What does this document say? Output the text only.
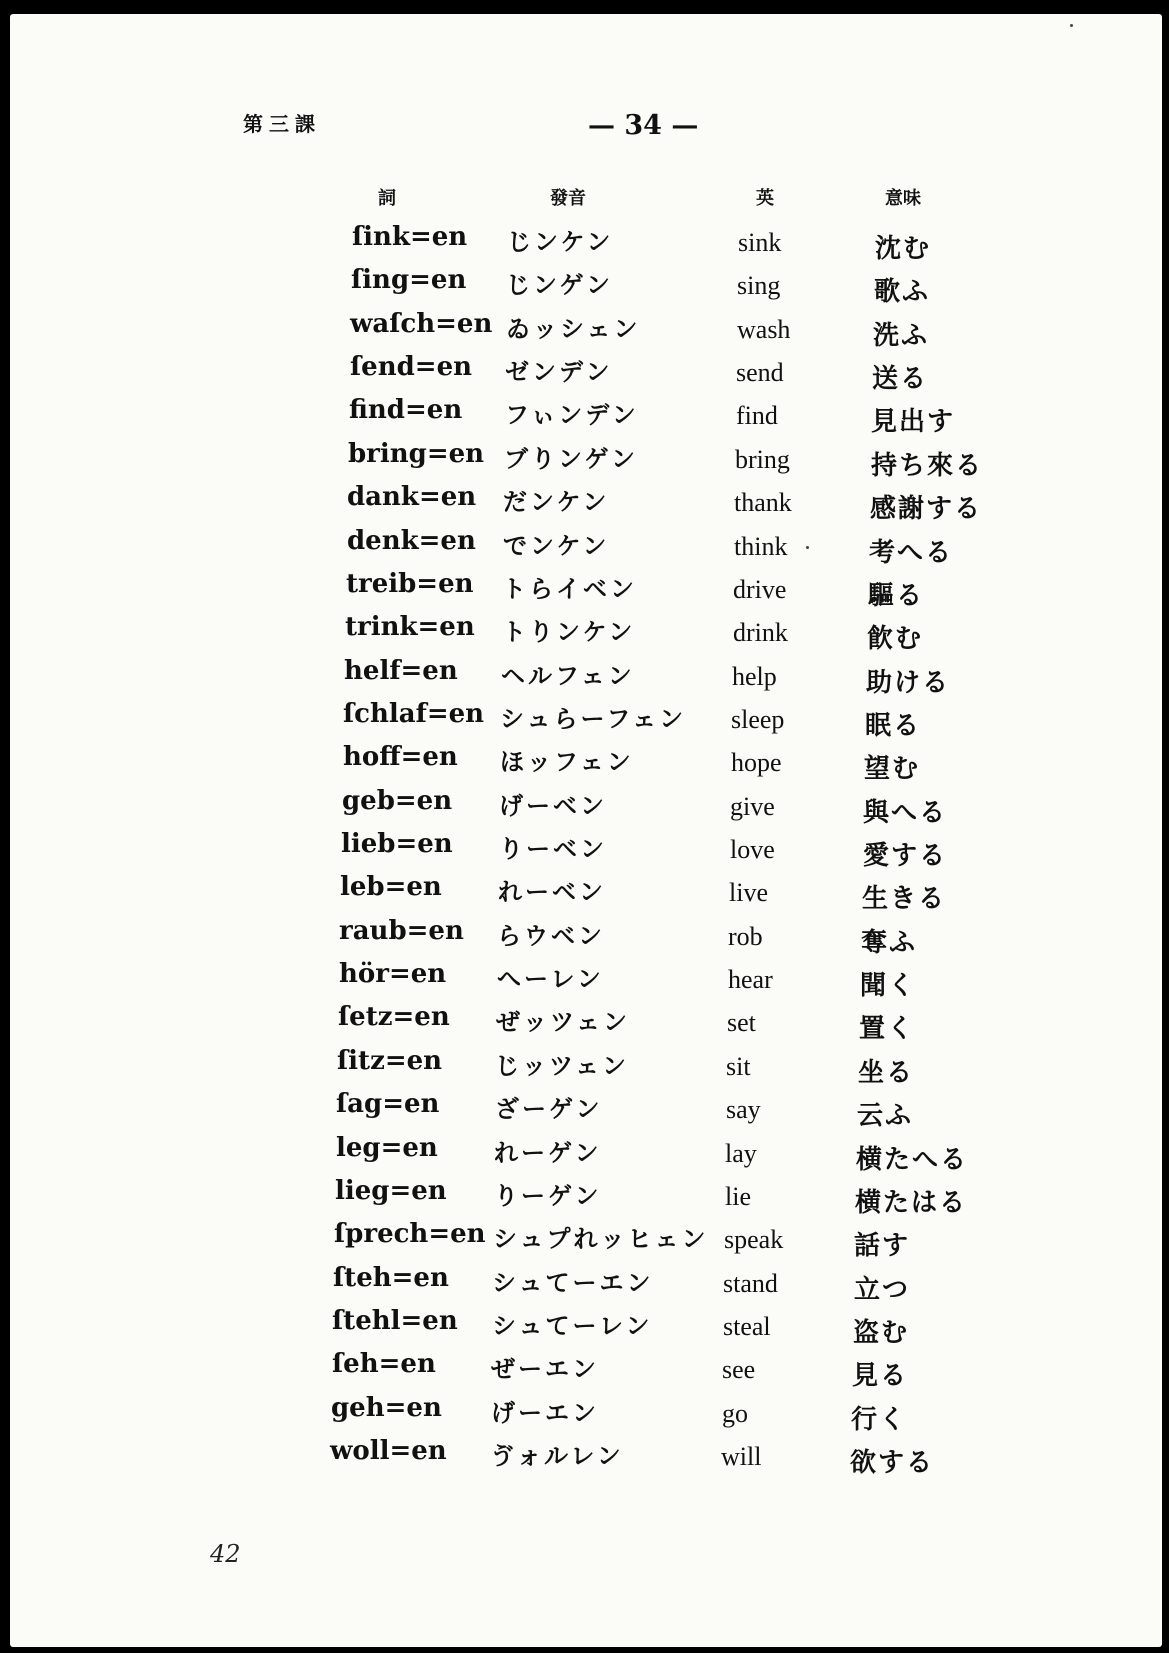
第三課	— 34 —
詞	發音	英	意味
ſink=en じンケン	sink	沈む
ſing=en じンゲン	sing	歌ふ
waſch=en ゐッシェン	wash	洗ふ
ſend=en ゼンデン	send	送る
find=en フぃンデン	find	見出す
bring=en ブりンゲン	bring	持ち來る
dank=en だンケン	thank	感謝する
denk=en でンケン	think	考へる
treib=en トらイベン	drive	驅る
trink=en トりンケン	drink	飮む
helf=en ヘルフェン	help	助ける
ſchlaf=en シュらーフェン sleep	眠る
hoff=en ほッフェン	hope	望む
geb=en げーベン	give	與へる
lieb=en りーベン	love	愛する
leb=en れーベン	live	生きる
raub=en らウベン	rob	奪ふ
hör=en へーレン	hear	聞く
ſetz=en ぜッツェン	set	置く
ſitz=en じッツェン	sit	坐る
ſag=en ざーゲン	say	云ふ
leg=en れーゲン	lay	横たへる
lieg=en りーゲン	lie	横たはる
ſprech=en シュプれッヒェン speak	話す
ſteh=en シュてーエン	stand	立つ
ſtehl=en シュてーレン	steal	盗む
ſeh=en ぜーエン	see	見る
geh=en げーエン	go	行く
woll=en ゔォルレン	will	欲する
42
